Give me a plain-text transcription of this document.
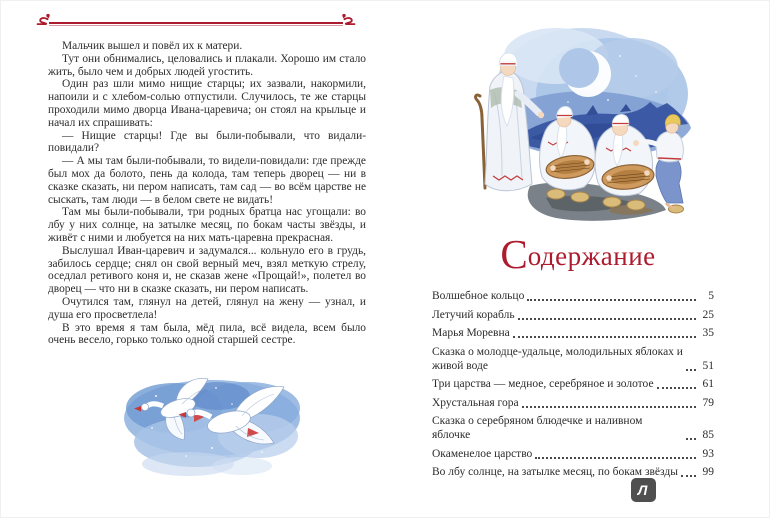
Мальчик вышел и повёл их к матери.

Тут они обнимались, целовались и плакали. Хорошо им стало жить, было чем и добрых людей угостить.

Один раз шли мимо нищие старцы; их зазвали, накормили, напоили и с хлебом-солью отпустили. Случилось, те же старцы проходили мимо дворца Ивана-царевича; он стоял на крыльце и начал их спрашивать:

— Нищие старцы! Где вы были-побывали, что видали-повидали?

— А мы там были-побывали, то видели-повидали: где прежде был мох да болото, пень да колода, там теперь дворец — ни в сказке сказать, ни пером написать, там сад — во всём царстве не сыскать, там люди — в белом свете не видать!

Там мы были-побывали, три родных братца нас угощали: во лбу у них солнце, на затылке месяц, по бокам часты звёзды, и живёт с ними и любуется на них мать-царевна прекрасная.

Выслушал Иван-царевич и задумался... кольнуло его в грудь, забилось сердце; снял он свой верный меч, взял меткую стрелу, оседлал ретивого коня и, не сказав жене «Прощай!», полетел во дворец — что ни в сказке сказать, ни пером написать.

Очутился там, глянул на детей, глянул на жену — узнал, и душа его просветлела!

В это время я там была, мёд пила, всё видела, всем было очень весело, горько только одной старшей сестре.

Содержание
Волшебное кольцо	5
Летучий корабль	25
Марья Моревна	35
Сказка о молодце-удальце, молодильных яблоках и живой воде	51
Три царства — медное, серебряное и золотое	61
Хрустальная гора	79
Сказка о серебряном блюдечке и наливном яблочке	85
Окаменелое царство	93
Во лбу солнце, на затылке месяц, по бокам звёзды	99
Л
